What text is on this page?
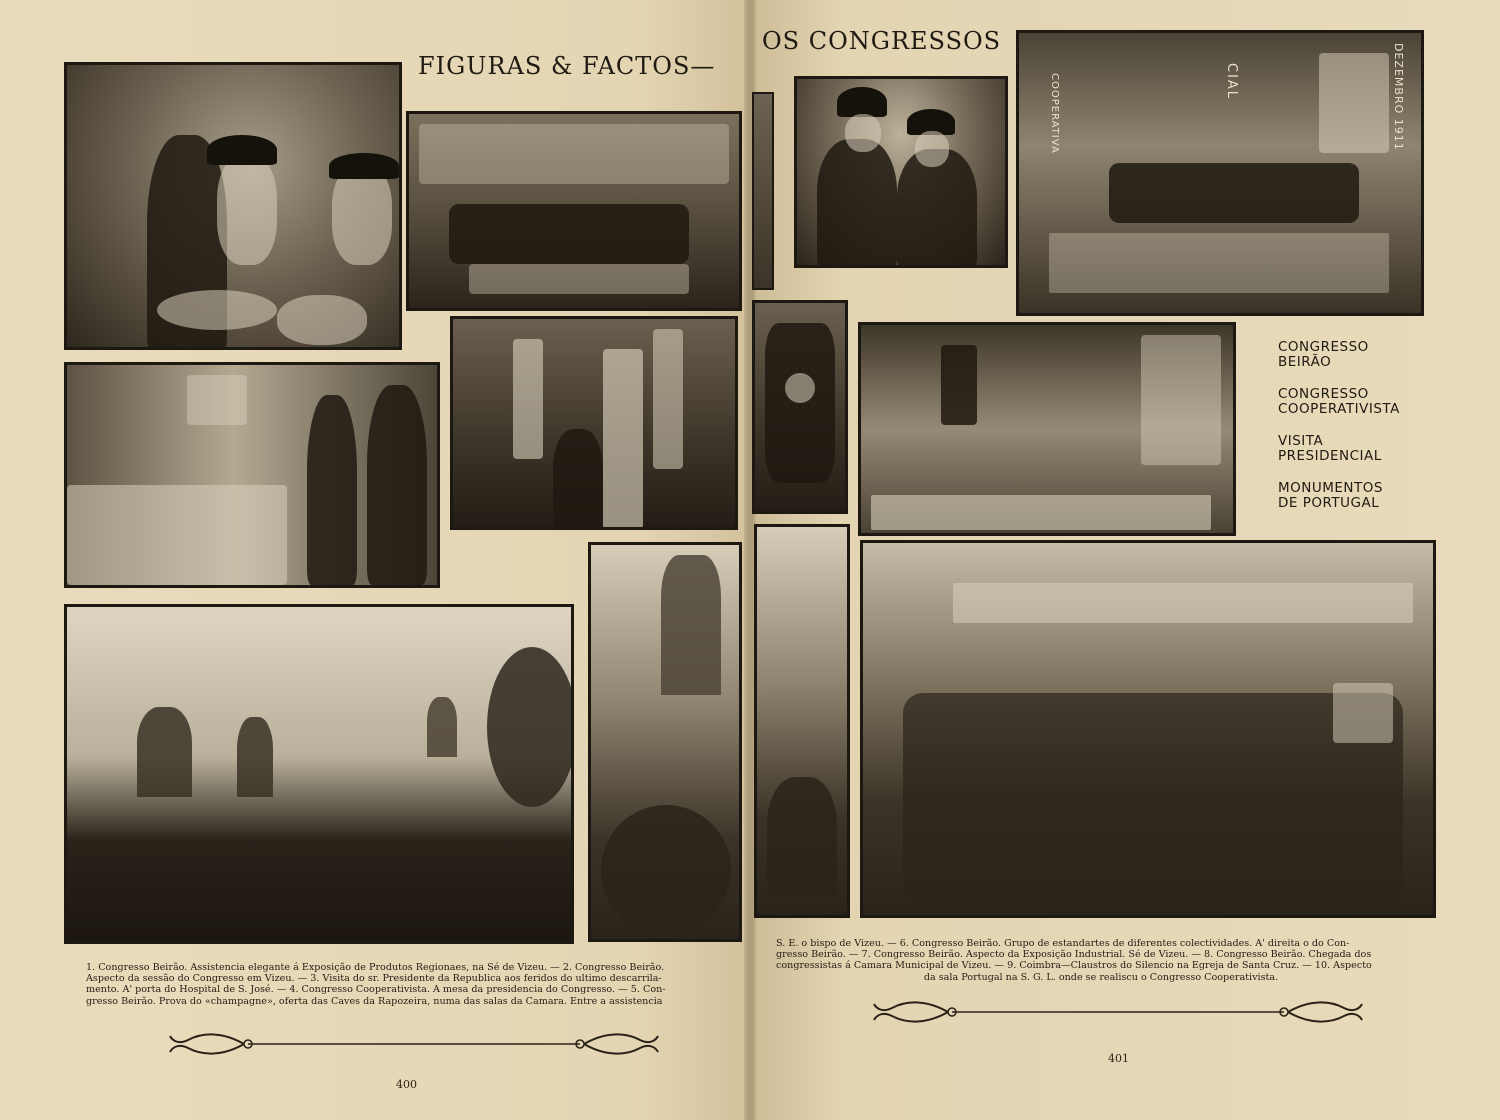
FIGURAS & FACTOS—
OS CONGRESSOS
DEZEMBRO 1911
CIAL
COOPERATIVA
CONGRESSO
BEIRÃO
CONGRESSO
COOPERATIVISTA
VISITA
PRESIDENCIAL
MONUMENTOS
DE PORTUGAL
1. Congresso Beirão. Assistencia elegante á Exposição de Produtos Regionaes, na Sé de Vizeu. — 2. Congresso Beirão.
Aspecto da sessão do Congresso em Vizeu. — 3. Visita do sr. Presidente da Republica aos feridos do ultimo descarrila-
mento. A' porta do Hospital de S. José. — 4. Congresso Cooperativista. A mesa da presidencia do Congresso. — 5. Con-
gresso Beirão. Prova do «champagne», oferta das Caves da Rapozeira, numa das salas da Camara. Entre a assistencia
S. E. o bispo de Vizeu. — 6. Congresso Beirão. Grupo de estandartes de diferentes colectividades. A' direita o do Con-
gresso Beirão. — 7. Congresso Beirão. Aspecto da Exposição Industrial. Sé de Vizeu. — 8. Congresso Beirão. Chegada dos
congressistas á Camara Municipal de Vizeu. — 9. Coimbra—Claustros do Silencio na Egreja de Santa Cruz. — 10. Aspecto
da sala Portugal na S. G. L. onde se realiscu o Congresso Cooperativista.
400
401
